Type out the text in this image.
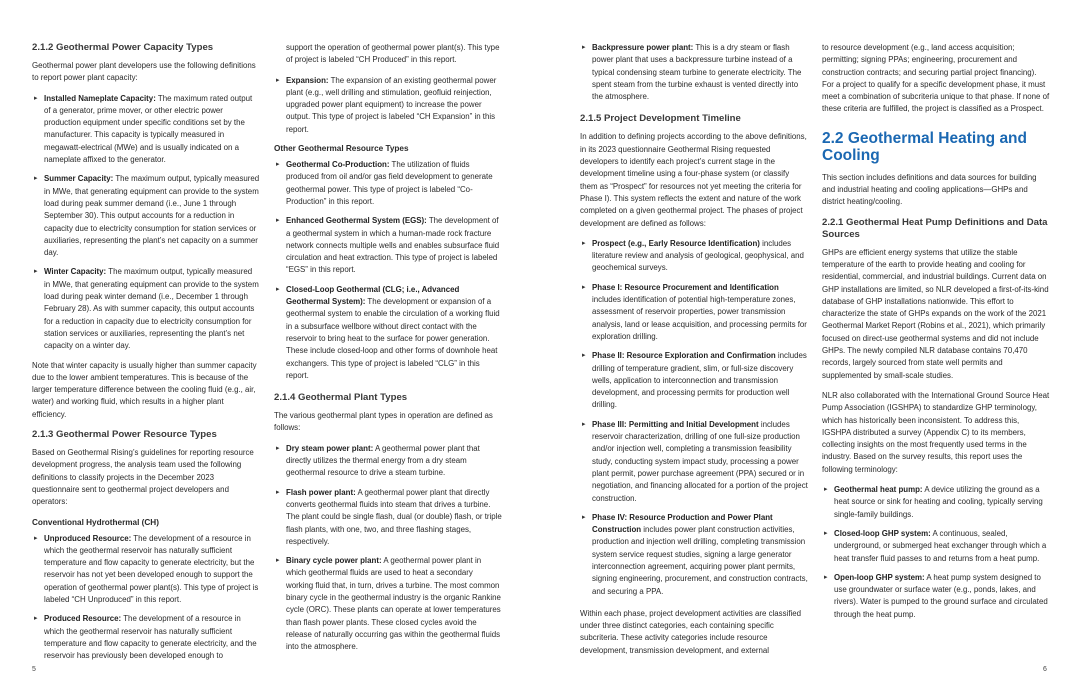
2.1.2 Geothermal Power Capacity Types

Geothermal power plant developers use the following definitions to report power plant capacity:

▸ Installed Nameplate Capacity: The maximum rated output of a generator, prime mover, or other electric power production equipment under specific conditions set by the manufacturer. This capacity is typically measured in megawatt-electrical (MWe) and is usually indicated on a nameplate affixed to the generator.
▸ Summer Capacity: The maximum output, typically measured in MWe, that generating equipment can provide to the system load during peak summer demand (i.e., June 1 through September 30). This output accounts for a reduction in capacity due to electricity consumption for station services or auxiliaries, representing the plant’s net capacity on a summer day.
▸ Winter Capacity: The maximum output, typically measured in MWe, that generating equipment can provide to the system load during peak winter demand (i.e., December 1 through February 28). As with summer capacity, this output accounts for a reduction in capacity due to electricity consumption for station services or auxiliaries, representing the plant’s net capacity on a winter day.

Note that winter capacity is usually higher than summer capacity due to the lower ambient temperatures. This is because of the larger temperature difference between the cooling fluid (e.g., air, water) and working fluid, which results in a higher plant efficiency.

2.1.3 Geothermal Power Resource Types

Based on Geothermal Rising’s guidelines for reporting resource development progress, the analysis team used the following definitions to classify projects in the December 2023 questionnaire sent to geothermal project developers and operators:

Conventional Hydrothermal (CH)
▸ Unproduced Resource: The development of a resource in which the geothermal reservoir has naturally sufficient temperature and flow capacity to generate electricity, but the reservoir has not yet been developed enough to support the operation of geothermal power plant(s). This type of project is labeled “CH Unproduced” in this report.
▸ Produced Resource: The development of a resource in which the geothermal reservoir has naturally sufficient temperature and flow capacity to generate electricity, and the reservoir has previously been developed enough to

support the operation of geothermal power plant(s). This type of project is labeled “CH Produced” in this report.

▸ Expansion: The expansion of an existing geothermal power plant (e.g., well drilling and stimulation, geofluid reinjection, upgraded power plant equipment) to increase the power output. This type of project is labeled “CH Expansion” in this report.
Other Geothermal Resource Types
▸ Geothermal Co-Production: The utilization of fluids produced from oil and/or gas field development to generate geothermal power. This type of project is labeled “Co-Production” in this report.
▸ Enhanced Geothermal System (EGS): The development of a geothermal system in which a human-made rock fracture network connects multiple wells and enables subsurface fluid circulation and heat extraction. This type of project is labeled “EGS” in this report.
▸ Closed-Loop Geothermal (CLG; i.e., Advanced Geothermal System): The development or expansion of a geothermal system to enable the circulation of a working fluid in a subsurface wellbore without direct contact with the reservoir to bring heat to the surface for power generation. These include closed-loop and other forms of downhole heat exchangers. This type of project is labeled “CLG” in this report.
2.1.4 Geothermal Plant Types

The various geothermal plant types in operation are defined as follows:

▸ Dry steam power plant: A geothermal power plant that directly utilizes the thermal energy from a dry steam geothermal resource to drive a steam turbine.
▸ Flash power plant: A geothermal power plant that directly converts geothermal fluids into steam that drives a turbine. The plant could be single flash, dual (or double) flash, or triple flash plants, with one, two, and three flashing stages, respectively.
▸ Binary cycle power plant: A geothermal power plant in which geothermal fluids are used to heat a secondary working fluid that, in turn, drives a turbine. The most common binary cycle in the geothermal industry is the organic Rankine cycle (ORC). These plants can operate at lower temperatures than flash power plants. These closed cycles avoid the release of naturally occurring gas within the geothermal fluids into the atmosphere.
▸ Backpressure power plant: This is a dry steam or flash power plant that uses a backpressure turbine instead of a typical condensing steam turbine to generate electricity. The spent steam from the turbine exhaust is vented directly into the atmosphere.
2.1.5 Project Development Timeline

In addition to defining projects according to the above definitions, in its 2023 questionnaire Geothermal Rising requested developers to identify each project’s current stage in the development timeline using a four-phase system (or classify them as “Prospect” for resources not yet meeting the criteria for Phase I). This system reflects the extent and nature of the work completed on a given geothermal project. The phases of project development are defined as follows:

▸ Prospect (e.g., Early Resource Identification) includes literature review and analysis of geological, geophysical, and geochemical surveys.
▸ Phase I: Resource Procurement and Identification includes identification of potential high-temperature zones, assessment of reservoir properties, power transmission analysis, land or lease acquisition, and processing permits for exploration drilling.
▸ Phase II: Resource Exploration and Confirmation includes drilling of temperature gradient, slim, or full-size discovery wells, application to interconnection and transmission development, and processing permits for production well drilling.
▸ Phase III: Permitting and Initial Development includes reservoir characterization, drilling of one full-size production and/or injection well, completing a transmission feasibility study, conducting system impact study, processing a power plant permit, power purchase agreement (PPA) secured or in negotiation, and financing allocated for a portion of the project construction.
▸ Phase IV: Resource Production and Power Plant Construction includes power plant construction activities, production and injection well drilling, completing transmission system service request studies, signing a large generator interconnection agreement, acquiring power plant permits, signing engineering, procurement, and construction contracts, and securing a PPA.

Within each phase, project development activities are classified under three distinct categories, each containing specific subcriteria. These activity categories include resource development, transmission development, and external

to resource development (e.g., land access acquisition; permitting; signing PPAs; engineering, procurement and construction contracts; and securing partial project financing). For a project to qualify for a specific development phase, it must meet a combination of subcriteria unique to that phase. If none of these criteria are fulfilled, the project is classified as a Prospect.

2.2 Geothermal Heating and Cooling

This section includes definitions and data sources for building and industrial heating and cooling applications—GHPs and district heating/cooling.

2.2.1 Geothermal Heat Pump Definitions and Data Sources

GHPs are efficient energy systems that utilize the stable temperature of the earth to provide heating and cooling for residential, commercial, and industrial buildings. Current data on GHP installations are limited, so NLR developed a first-of-its-kind database of GHP installations nationwide. This effort to characterize the state of GHPs expands on the work of the 2021 Geothermal Market Report (Robins et al., 2021), which primarily focused on direct-use geothermal systems and did not include GHPs. The newly compiled NLR database contains 70,470 records, largely sourced from state well permits and supplemented by small-scale studies.

NLR also collaborated with the International Ground Source Heat Pump Association (IGSHPA) to standardize GHP terminology, which has historically been inconsistent. To address this, IGSHPA distributed a survey (Appendix C) to its members, collecting insights on the most frequently used terms in the industry. Based on the survey results, this report uses the following terminology:

▸ Geothermal heat pump: A device utilizing the ground as a heat source or sink for heating and cooling, typically serving single-family buildings.
▸ Closed-loop GHP system: A continuous, sealed, underground, or submerged heat exchanger through which a heat transfer fluid passes to and returns from a heat pump.
▸ Open-loop GHP system: A heat pump system designed to use groundwater or surface water (e.g., ponds, lakes, and rivers). Water is pumped to the ground surface and circulated through the heat pump.
5	6
